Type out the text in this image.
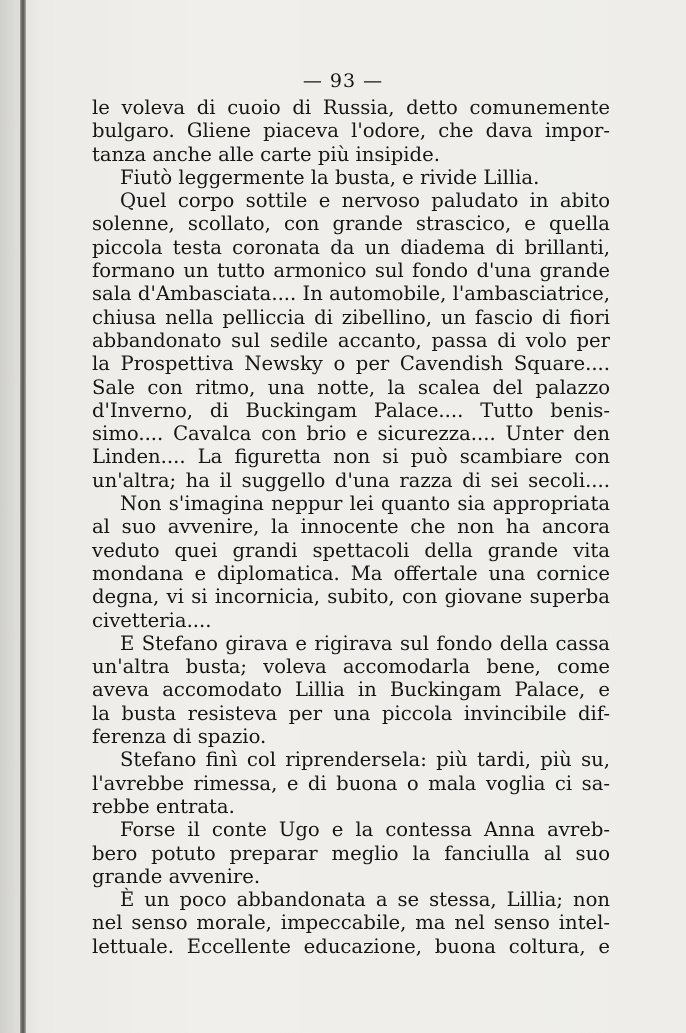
— 93 —
le voleva di cuoio di Russia, detto comunemente
bulgaro. Gliene piaceva l'odore, che dava impor-
tanza anche alle carte più insipide.
Fiutò leggermente la busta, e rivide Lillia.
Quel corpo sottile e nervoso paludato in abito
solenne, scollato, con grande strascico, e quella
piccola testa coronata da un diadema di brillanti,
formano un tutto armonico sul fondo d'una grande
sala d'Ambasciata.... In automobile, l'ambasciatrice,
chiusa nella pelliccia di zibellino, un fascio di fiori
abbandonato sul sedile accanto, passa di volo per
la Prospettiva Newsky o per Cavendish Square....
Sale con ritmo, una notte, la scalea del palazzo
d'Inverno, di Buckingam Palace.... Tutto benis-
simo.... Cavalca con brio e sicurezza.... Unter den
Linden.... La figuretta non si può scambiare con
un'altra; ha il suggello d'una razza di sei secoli....
Non s'imagina neppur lei quanto sia appropriata
al suo avvenire, la innocente che non ha ancora
veduto quei grandi spettacoli della grande vita
mondana e diplomatica. Ma offertale una cornice
degna, vi si incornicia, subito, con giovane superba
civetteria....
E Stefano girava e rigirava sul fondo della cassa
un'altra busta; voleva accomodarla bene, come
aveva accomodato Lillia in Buckingam Palace, e
la busta resisteva per una piccola invincibile dif-
ferenza di spazio.
Stefano finì col riprendersela: più tardi, più su,
l'avrebbe rimessa, e di buona o mala voglia ci sa-
rebbe entrata.
Forse il conte Ugo e la contessa Anna avreb-
bero potuto preparar meglio la fanciulla al suo
grande avvenire.
È un poco abbandonata a se stessa, Lillia; non
nel senso morale, impeccabile, ma nel senso intel-
lettuale. Eccellente educazione, buona coltura, e
